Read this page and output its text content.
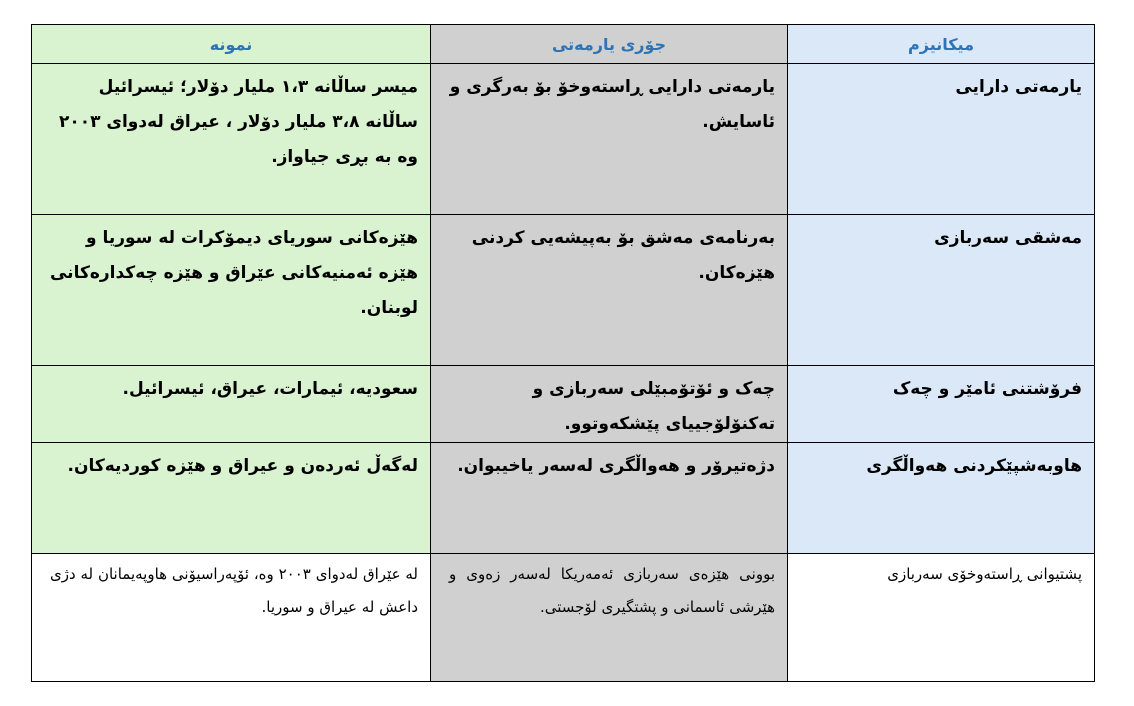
نمونە	جۆری یارمەتی	میکانیزم

میسر ساڵانە ١،٣ ملیار دۆلار؛ ئیسرائیل ساڵانە ٣،٨ ملیار دۆلار ، عیراق لەدوای ٢٠٠٣ وە بە بڕی جیاواز.	یارمەتی دارایی ڕاستەوخۆ بۆ بەرگری و ئاسایش.	یارمەتی دارایی

هێزەکانی سوریای دیمۆکرات لە سوریا و هێزە ئەمنیەکانی عێراق و هێزە چەکدارەکانی لوبنان.	بەرنامەی مەشق بۆ بەپیشەیی کردنی هێزەکان.	مەشقی سەربازی

سعودیە، ئیمارات، عیراق، ئیسرائیل.	چەک و ئۆتۆمبێلی سەربازی و تەکنۆلۆجییای پێشکەوتوو.	فرۆشتنی ئامێر و چەک

لەگەڵ ئەردەن و عیراق و هێزە کوردیەکان.	دژەتیرۆر و هەواڵگری لەسەر یاخیبوان.	هاوبەشپێکردنی هەواڵگری

لە عێراق لەدوای ٢٠٠٣ وە، ئۆپەراسیۆنی هاوپەیمانان لە دژی داعش لە عیراق و سوریا.	بوونی هێزەی سەربازی ئەمەریکا لەسەر زەوی و هێرشی ئاسمانی و پشتگیری لۆجستی.	پشتیوانی ڕاستەوخۆی سەربازی
